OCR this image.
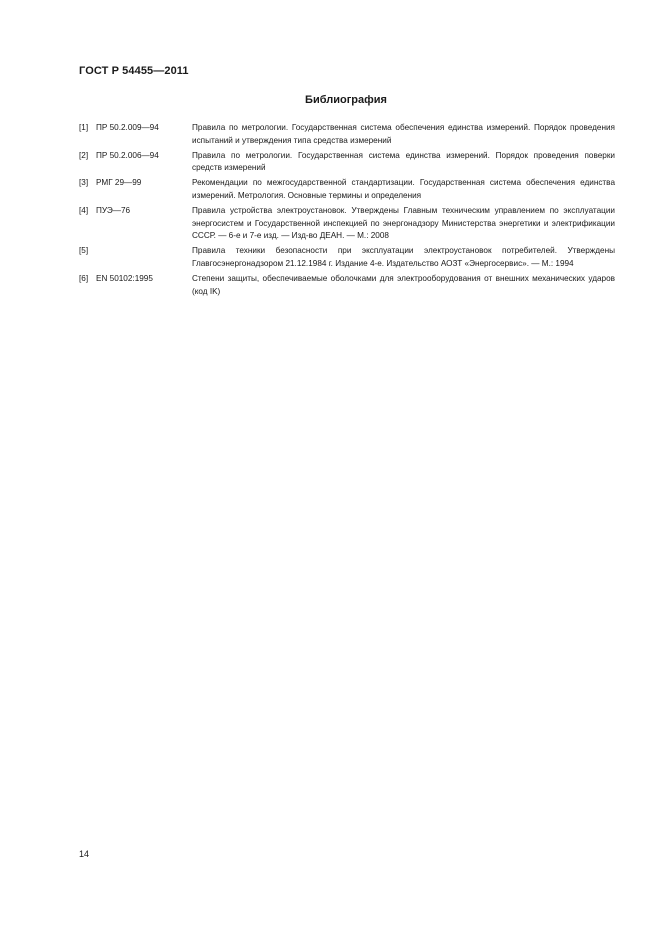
ГОСТ Р 54455—2011
Библиография
[1] ПР 50.2.009—94	Правила по метрологии. Государственная система обеспечения единства измерений. Порядок проведения испытаний и утверждения типа средства измерений
[2] ПР 50.2.006—94	Правила по метрологии. Государственная система единства измерений. Порядок проведения поверки средств измерений
[3] РМГ 29—99	Рекомендации по межгосударственной стандартизации. Государственная система обеспечения единства измерений. Метрология. Основные термины и определения
[4] ПУЭ—76	Правила устройства электроустановок. Утверждены Главным техническим управлением по эксплуатации энергосистем и Государственной инспекцией по энергонадзору Министерства энергетики и электрификации СССР. — 6-е и 7-е изд. — Изд-во ДЕАН. — М.: 2008
[5]	Правила техники безопасности при эксплуатации электроустановок потребителей. Утверждены Главгосэнергонадзором 21.12.1984 г. Издание 4-е. Издательство АОЗТ «Энергосервис». — М.: 1994
[6] EN 50102:1995	Степени защиты, обеспечиваемые оболочками для электрооборудования от внешних механических ударов (код IK)
14
